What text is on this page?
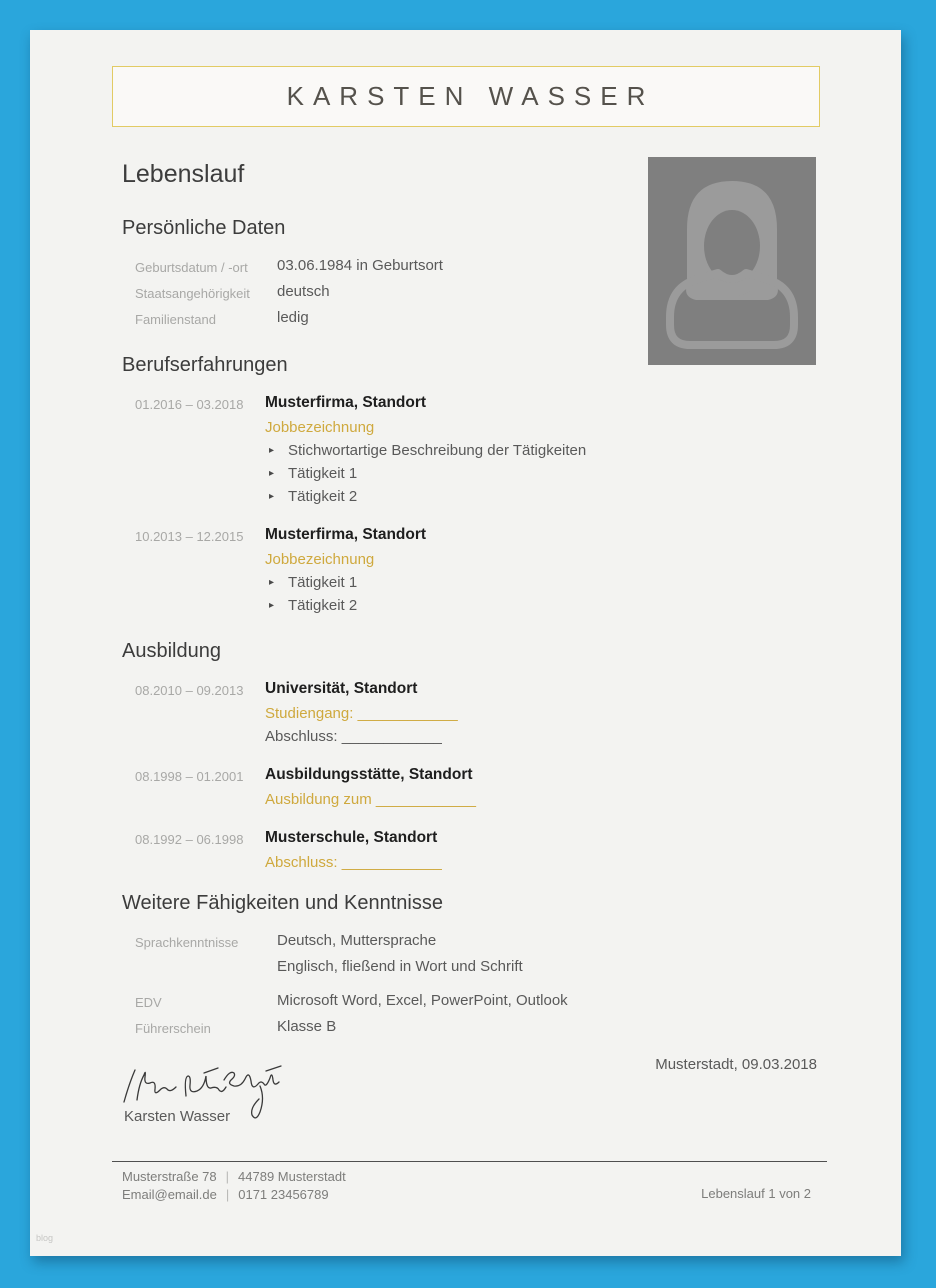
KARSTEN WASSER
Lebenslauf
Persönliche Daten
Geburtsdatum / -ort	03.06.1984 in Geburtsort
Staatsangehörigkeit	deutsch
Familienstand	ledig
Berufserfahrungen
01.2016 – 03.2018	Musterfirma, Standort
Jobbezeichnung
▸ Stichwortartige Beschreibung der Tätigkeiten
▸ Tätigkeit 1
▸ Tätigkeit 2
10.2013 – 12.2015	Musterfirma, Standort
Jobbezeichnung
▸ Tätigkeit 1
▸ Tätigkeit 2
Ausbildung
08.2010 – 09.2013	Universität, Standort
Studiengang: ____________
Abschluss: ____________
08.1998 – 01.2001	Ausbildungsstätte, Standort
Ausbildung zum ____________
08.1992 – 06.1998	Musterschule, Standort
Abschluss: ____________
Weitere Fähigkeiten und Kenntnisse
Sprachkenntnisse	Deutsch, Muttersprache
Englisch, fließend in Wort und Schrift
EDV	Microsoft Word, Excel, PowerPoint, Outlook
Führerschein	Klasse B
Musterstadt, 09.03.2018
Karsten Wasser
Musterstraße 78 | 44789 Musterstadt
Email@email.de | 0171 23456789	Lebenslauf 1 von 2
blog
